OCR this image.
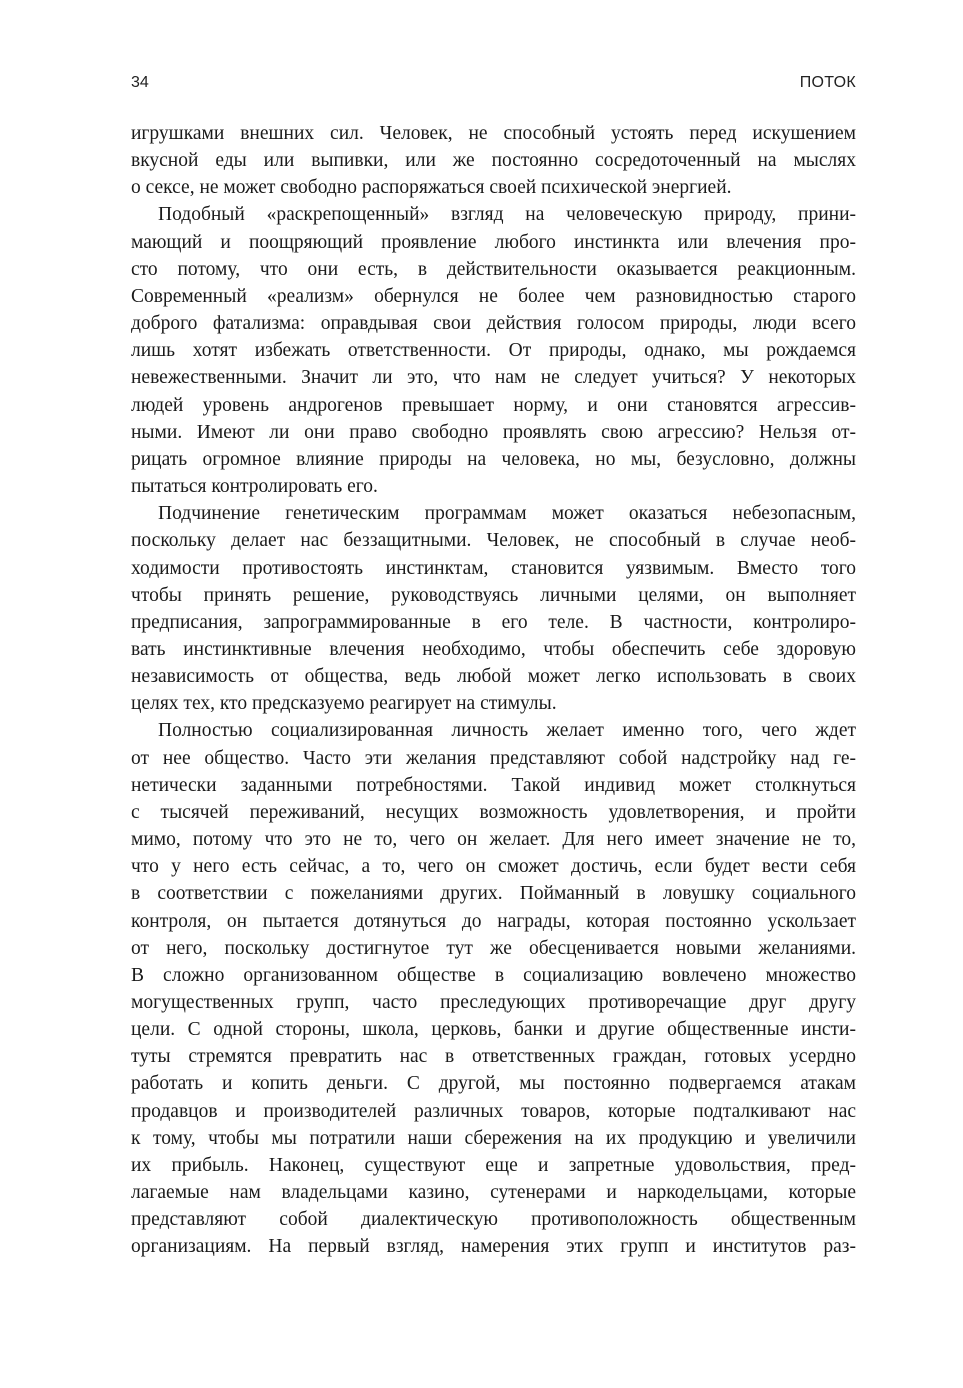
34	ПОТОК
игрушками внешних сил. Человек, не способный устоять перед искушением
вкусной еды или выпивки, или же постоянно сосредоточенный на мыслях
о сексе, не может свободно распоряжаться своей психической энергией.
Подобный «раскрепощенный» взгляд на человеческую природу, прини-
мающий и поощряющий проявление любого инстинкта или влечения про-
сто потому, что они есть, в действительности оказывается реакционным.
Современный «реализм» обернулся не более чем разновидностью старого
доброго фатализма: оправдывая свои действия голосом природы, люди всего
лишь хотят избежать ответственности. От природы, однако, мы рождаемся
невежественными. Значит ли это, что нам не следует учиться? У некоторых
людей уровень андрогенов превышает норму, и они становятся агрессив-
ными. Имеют ли они право свободно проявлять свою агрессию? Нельзя от-
рицать огромное влияние природы на человека, но мы, безусловно, должны
пытаться контролировать его.
Подчинение генетическим программам может оказаться небезопасным,
поскольку делает нас беззащитными. Человек, не способный в случае необ-
ходимости противостоять инстинктам, становится уязвимым. Вместо того
чтобы принять решение, руководствуясь личными целями, он выполняет
предписания, запрограммированные в его теле. В частности, контролиро-
вать инстинктивные влечения необходимо, чтобы обеспечить себе здоровую
независимость от общества, ведь любой может легко использовать в своих
целях тех, кто предсказуемо реагирует на стимулы.
Полностью социализированная личность желает именно того, чего ждет
от нее общество. Часто эти желания представляют собой надстройку над ге-
нетически заданными потребностями. Такой индивид может столкнуться
с тысячей переживаний, несущих возможность удовлетворения, и пройти
мимо, потому что это не то, чего он желает. Для него имеет значение не то,
что у него есть сейчас, а то, чего он сможет достичь, если будет вести себя
в соответствии с пожеланиями других. Пойманный в ловушку социального
контроля, он пытается дотянуться до награды, которая постоянно ускользает
от него, поскольку достигнутое тут же обесценивается новыми желаниями.
В сложно организованном обществе в социализацию вовлечено множество
могущественных групп, часто преследующих противоречащие друг другу
цели. С одной стороны, школа, церковь, банки и другие общественные инсти-
туты стремятся превратить нас в ответственных граждан, готовых усердно
работать и копить деньги. С другой, мы постоянно подвергаемся атакам
продавцов и производителей различных товаров, которые подталкивают нас
к тому, чтобы мы потратили наши сбережения на их продукцию и увеличили
их прибыль. Наконец, существуют еще и запретные удовольствия, пред-
лагаемые нам владельцами казино, сутенерами и наркодельцами, которые
представляют собой диалектическую противоположность общественным
организациям. На первый взгляд, намерения этих групп и институтов раз-
